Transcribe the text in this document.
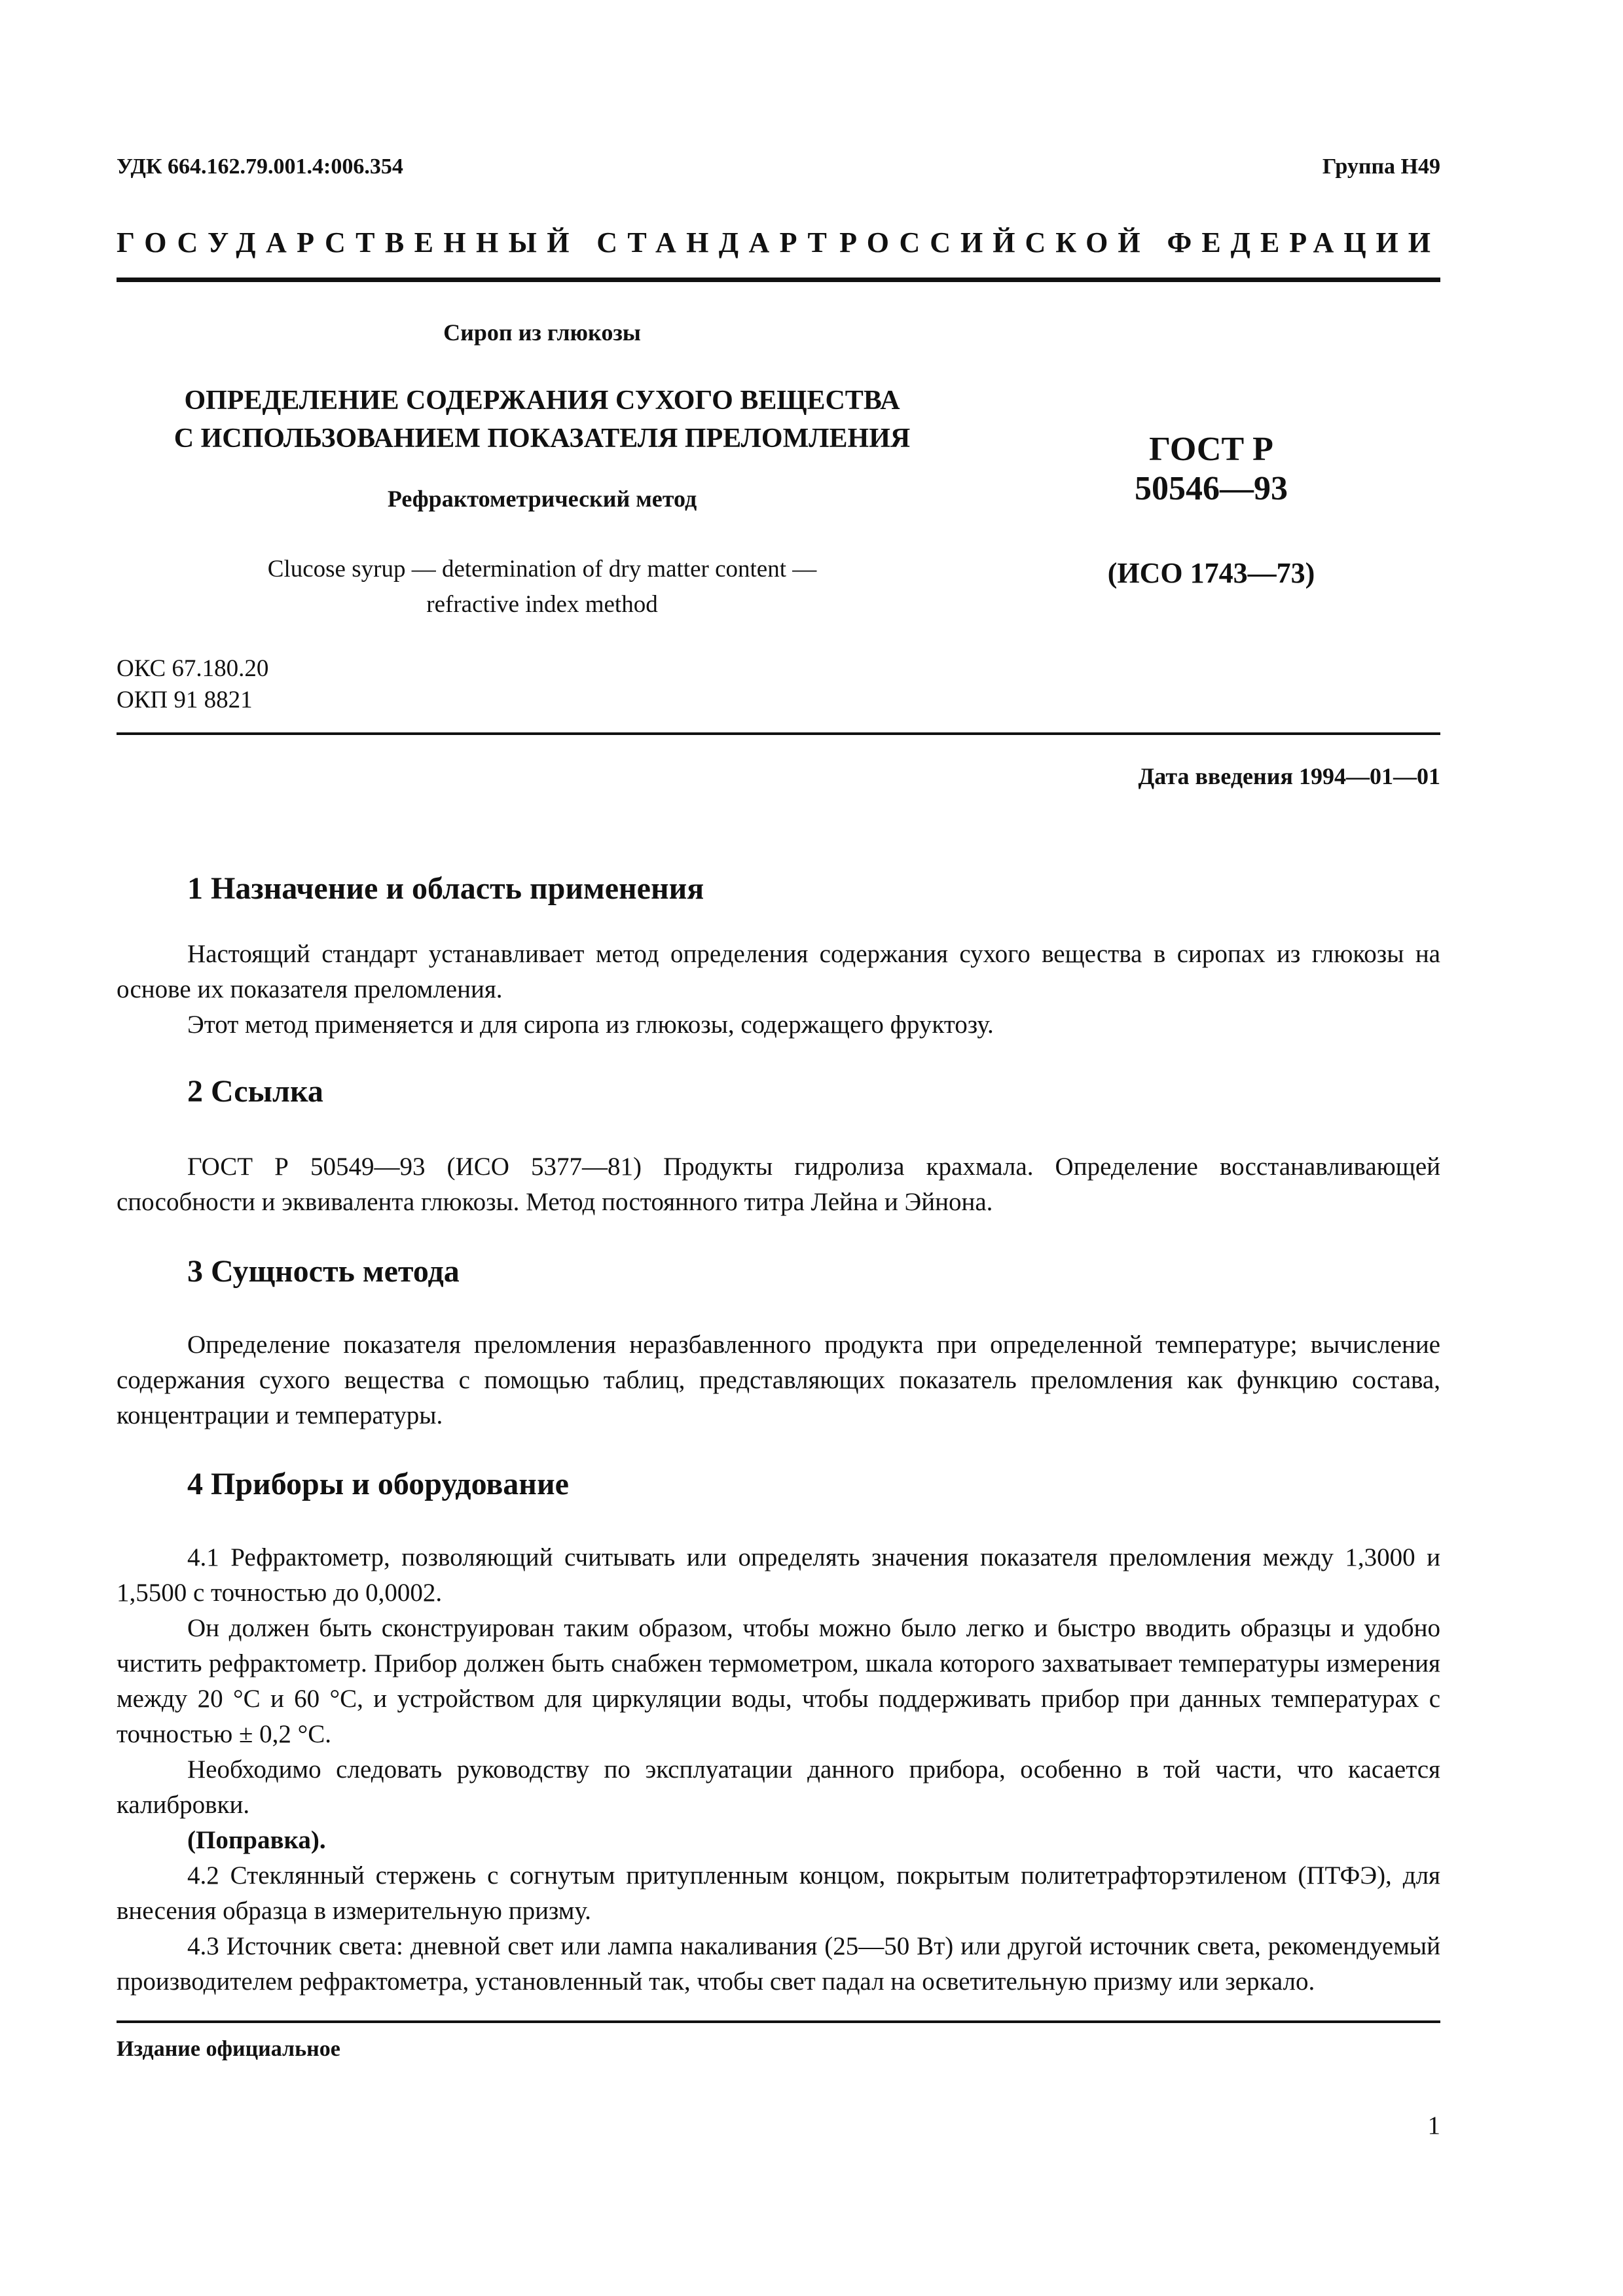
УДК 664.162.79.001.4:006.354	Группа Н49
ГОСУДАРСТВЕННЫЙ СТАНДАРТ РОССИЙСКОЙ ФЕДЕРАЦИИ
Сироп из глюкозы
ОПРЕДЕЛЕНИЕ СОДЕРЖАНИЯ СУХОГО ВЕЩЕСТВА
С ИСПОЛЬЗОВАНИЕМ ПОКАЗАТЕЛЯ ПРЕЛОМЛЕНИЯ
Рефрактометрический метод
Clucose syrup — determination of dry matter content —
refractive index method
ГОСТ Р
50546—93
(ИСО 1743—73)
ОКС 67.180.20
ОКП 91 8821
Дата введения 1994—01—01
1 Назначение и область применения

Настоящий стандарт устанавливает метод определения содержания сухого вещества в сиропах из глюкозы на основе их показателя преломления.

Этот метод применяется и для сиропа из глюкозы, содержащего фруктозу.

2 Ссылка

ГОСТ Р 50549—93 (ИСО 5377—81) Продукты гидролиза крахмала. Определение восстанавливающей способности и эквивалента глюкозы. Метод постоянного титра Лейна и Эйнона.

3 Сущность метода

Определение показателя преломления неразбавленного продукта при определенной температуре; вычисление содержания сухого вещества с помощью таблиц, представляющих показатель преломления как функцию состава, концентрации и температуры.

4 Приборы и оборудование

4.1 Рефрактометр, позволяющий считывать или определять значения показателя преломления между 1,3000 и 1,5500 с точностью до 0,0002.

Он должен быть сконструирован таким образом, чтобы можно было легко и быстро вводить образцы и удобно чистить рефрактометр. Прибор должен быть снабжен термометром, шкала которого захватывает температуры измерения между 20 °С и 60 °С, и устройством для циркуляции воды, чтобы поддерживать прибор при данных температурах с точностью ± 0,2 °С.

Необходимо следовать руководству по эксплуатации данного прибора, особенно в той части, что касается калибровки.

(Поправка).

4.2 Стеклянный стержень с согнутым притупленным концом, покрытым политетрафторэтиленом (ПТФЭ), для внесения образца в измерительную призму.

4.3 Источник света: дневной свет или лампа накаливания (25—50 Вт) или другой источник света, рекомендуемый производителем рефрактометра, установленный так, чтобы свет падал на осветительную призму или зеркало.

Издание официальное
1
